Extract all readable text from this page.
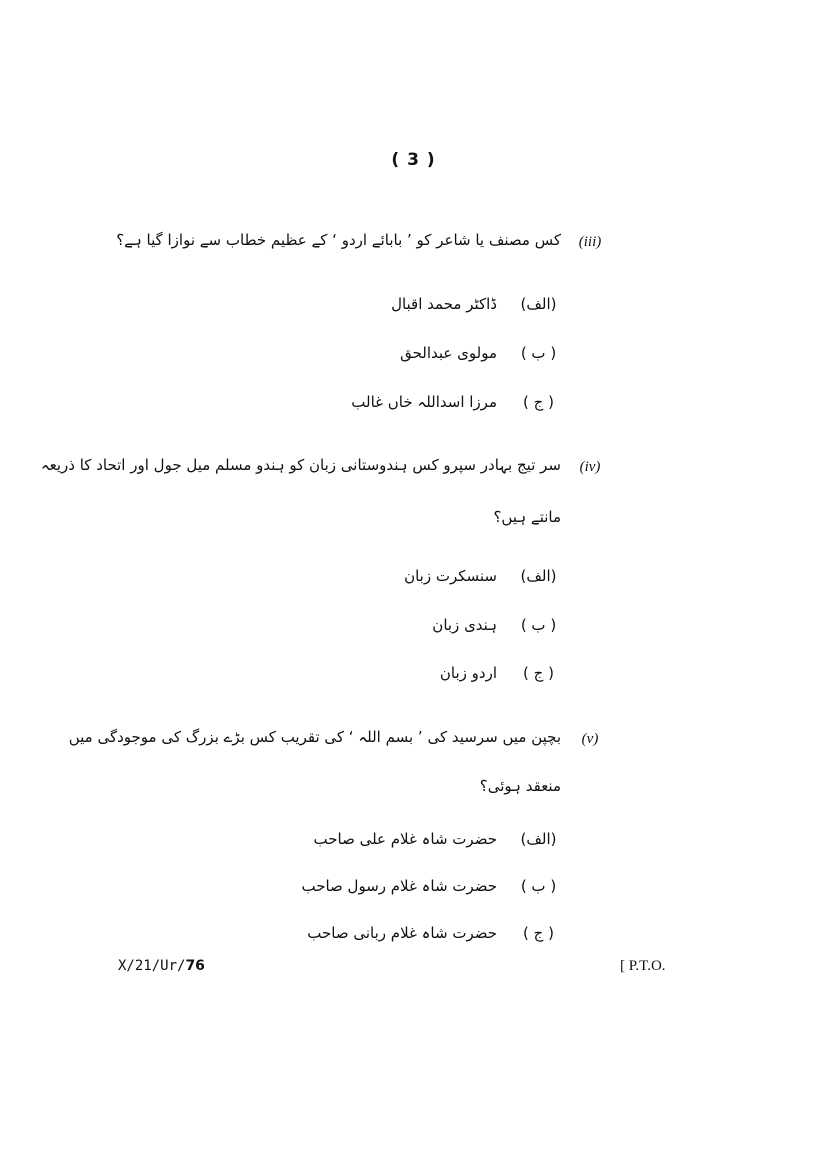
( 3 )
(iii)
کس مصنف یا شاعر کو ’ بابائے اردو ‘ کے عظیم خطاب سے نوازا گیا ہے؟
(الف)
ڈاکٹر محمد اقبال
( ب )
مولوی عبدالحق
( ج )
مرزا اسداللہ خاں غالب
(iv)
سر تیج بہادر سپرو کس ہندوستانی زبان کو ہندو مسلم میل جول اور اتحاد کا ذریعہ
مانتے ہیں؟
(الف)
سنسکرت زبان
( ب )
ہندی زبان
( ج )
اردو زبان
(v)
بچپن میں سرسید کی ’ بسم اللہ ‘ کی تقریب کس بڑے بزرگ کی موجودگی میں
منعقد ہوئی؟
(الف)
حضرت شاہ غلام علی صاحب
( ب )
حضرت شاہ غلام رسول صاحب
( ج )
حضرت شاہ غلام ربانی صاحب
X/21/Ur/76	[ P.T.O.
